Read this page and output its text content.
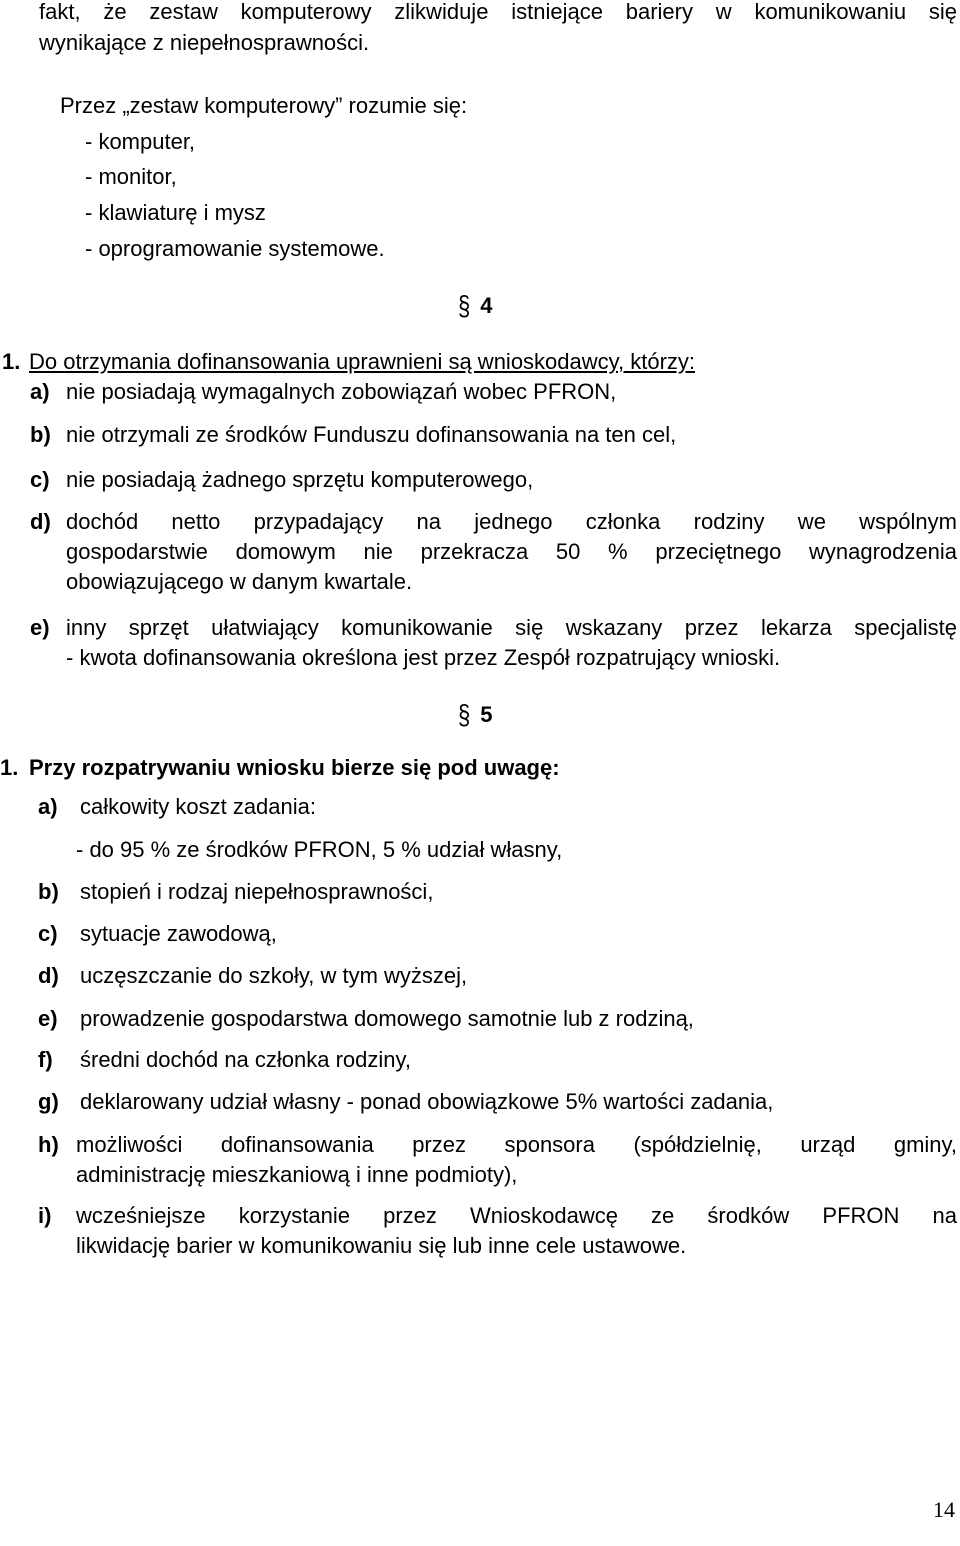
fakt, że zestaw komputerowy zlikwiduje istniejące bariery w komunikowaniu się
wynikające z niepełnosprawności.
Przez „zestaw komputerowy” rozumie się:
- komputer,
- monitor,
- klawiaturę i mysz
- oprogramowanie systemowe.
§ 4
1. Do otrzymania dofinansowania uprawnieni są wnioskodawcy, którzy:
a) nie posiadają wymagalnych zobowiązań wobec PFRON,
b) nie otrzymali ze środków Funduszu dofinansowania na ten cel,
c) nie posiadają żadnego sprzętu komputerowego,
d) dochód netto przypadający na jednego członka rodziny we wspólnym
gospodarstwie domowym nie przekracza 50 % przeciętnego wynagrodzenia
obowiązującego w danym kwartale.
e) inny sprzęt ułatwiający komunikowanie się wskazany przez lekarza specjalistę
- kwota dofinansowania określona jest przez Zespół rozpatrujący wnioski.
§ 5
1. Przy rozpatrywaniu wniosku bierze się pod uwagę:
a) całkowity koszt zadania:
- do 95 % ze środków PFRON, 5 % udział własny,
b) stopień i rodzaj niepełnosprawności,
c) sytuacje zawodową,
d) uczęszczanie do szkoły, w tym wyższej,
e) prowadzenie gospodarstwa domowego samotnie lub z rodziną,
f) średni dochód na członka rodziny,
g) deklarowany udział własny - ponad obowiązkowe 5% wartości zadania,
h) możliwości dofinansowania przez sponsora (spółdzielnię, urząd gminy,
administrację mieszkaniową i inne podmioty),
i) wcześniejsze korzystanie przez Wnioskodawcę ze środków PFRON na
likwidację barier w komunikowaniu się lub inne cele ustawowe.
14
